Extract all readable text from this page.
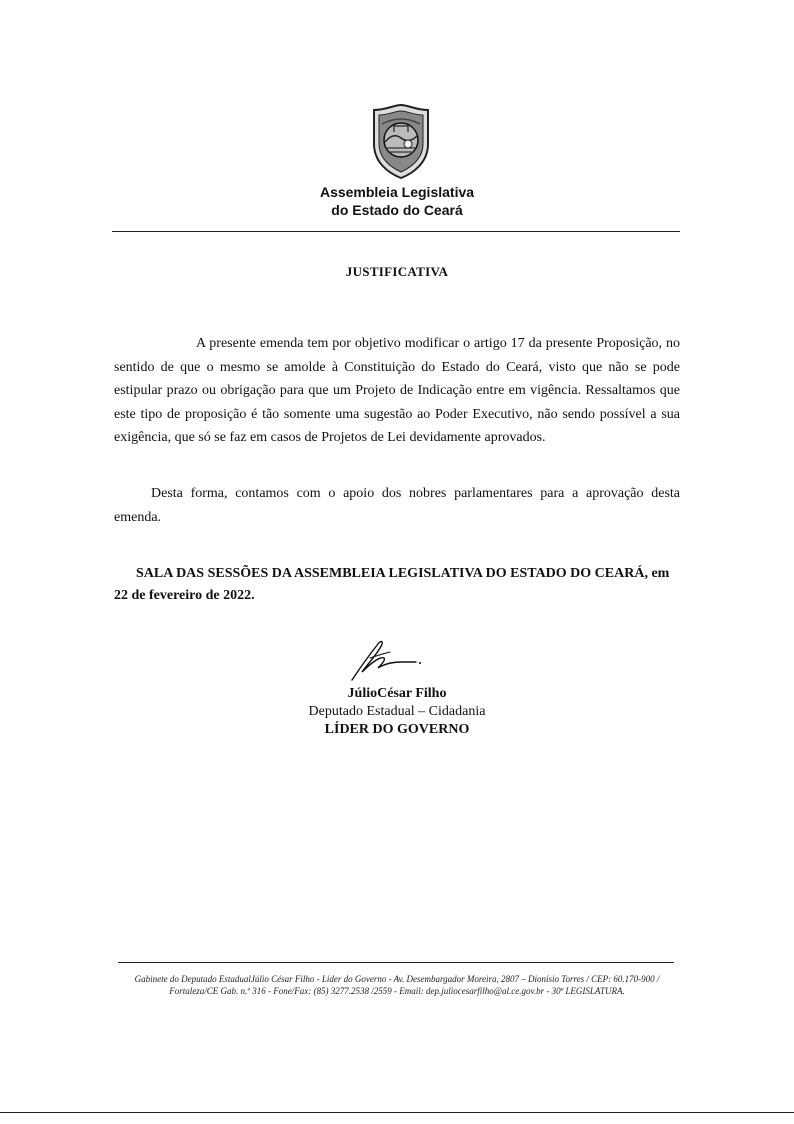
Assembleia Legislativa
do Estado do Ceará
JUSTIFICATIVA

A presente emenda tem por objetivo modificar o artigo 17 da presente Proposição, no sentido de que o mesmo se amolde à Constituição do Estado do Ceará, visto que não se pode estipular prazo ou obrigação para que um Projeto de Indicação entre em vigência. Ressaltamos que este tipo de proposição é tão somente uma sugestão ao Poder Executivo, não sendo possível a sua exigência, que só se faz em casos de Projetos de Lei devidamente aprovados.

Desta forma, contamos com o apoio dos nobres parlamentares para a aprovação desta emenda.

SALA DAS SESSÕES DA ASSEMBLEIA LEGISLATIVA DO ESTADO DO CEARÁ, em
22 de fevereiro de 2022.

JúlioCésar Filho
Deputado Estadual – Cidadania
LÍDER DO GOVERNO
Gabinete do Deputado EstadualJúlio César Filho - Líder do Governo - Av. Desembargador Moreira, 2807 – Dionísio Torres / CEP: 60.170-900 /
Fortaleza/CE Gab. n.º 316 - Fone/Fax: (85) 3277.2538 /2559 - Email: dep.juliocesarfilho@al.ce.gov.br - 30ª LEGISLATURA.
